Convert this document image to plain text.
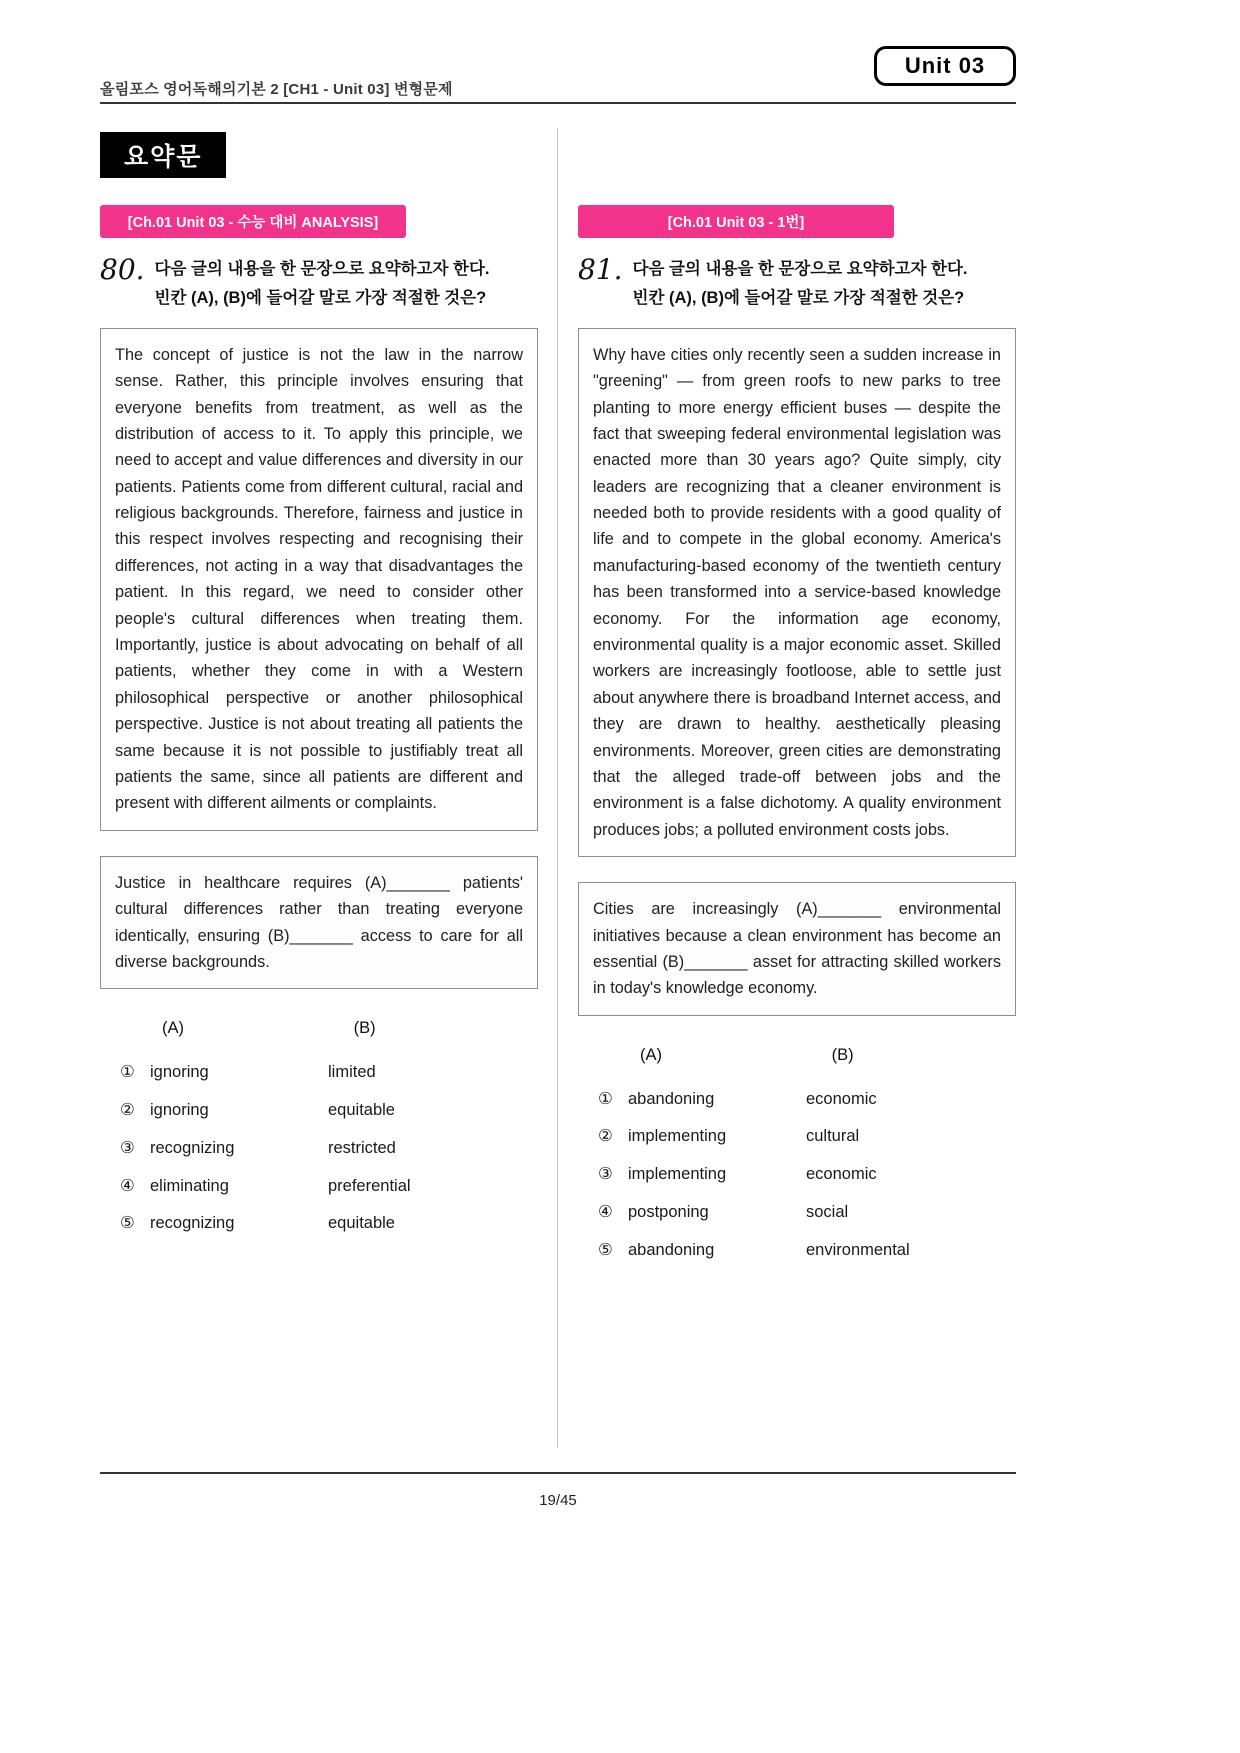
Unit 03
올림포스 영어독해의기본 2 [CH1 - Unit 03] 변형문제
요약문
[Ch.01 Unit 03 - 수능 대비 ANALYSIS]
80. 다음 글의 내용을 한 문장으로 요약하고자 한다.
빈칸 (A), (B)에 들어갈 말로 가장 적절한 것은?
The concept of justice is not the law in the narrow sense. Rather, this principle involves ensuring that everyone benefits from treatment, as well as the distribution of access to it. To apply this principle, we need to accept and value differences and diversity in our patients. Patients come from different cultural, racial and religious backgrounds. Therefore, fairness and justice in this respect involves respecting and recognising their differences, not acting in a way that disadvantages the patient. In this regard, we need to consider other people's cultural differences when treating them. Importantly, justice is about advocating on behalf of all patients, whether they come in with a Western philosophical perspective or another philosophical perspective. Justice is not about treating all patients the same because it is not possible to justifiably treat all patients the same, since all patients are different and present with different ailments or complaints.
Justice in healthcare requires (A)_______ patients' cultural differences rather than treating everyone identically, ensuring (B)_______ access to care for all diverse backgrounds.
(A)	(B)
① ignoring	limited
② ignoring	equitable
③ recognizing	restricted
④ eliminating	preferential
⑤ recognizing	equitable
[Ch.01 Unit 03 - 1번]
81. 다음 글의 내용을 한 문장으로 요약하고자 한다.
빈칸 (A), (B)에 들어갈 말로 가장 적절한 것은?
Why have cities only recently seen a sudden increase in "greening" — from green roofs to new parks to tree planting to more energy efficient buses — despite the fact that sweeping federal environmental legislation was enacted more than 30 years ago? Quite simply, city leaders are recognizing that a cleaner environment is needed both to provide residents with a good quality of life and to compete in the global economy. America's manufacturing-based economy of the twentieth century has been transformed into a service-based knowledge economy. For the information age economy, environmental quality is a major economic asset. Skilled workers are increasingly footloose, able to settle just about anywhere there is broadband Internet access, and they are drawn to healthy. aesthetically pleasing environments. Moreover, green cities are demonstrating that the alleged trade-off between jobs and the environment is a false dichotomy. A quality environment produces jobs; a polluted environment costs jobs.
Cities are increasingly (A)_______ environmental initiatives because a clean environment has become an essential (B)_______ asset for attracting skilled workers in today's knowledge economy.
(A)	(B)
① abandoning	economic
② implementing	cultural
③ implementing	economic
④ postponing	social
⑤ abandoning	environmental
19/45
